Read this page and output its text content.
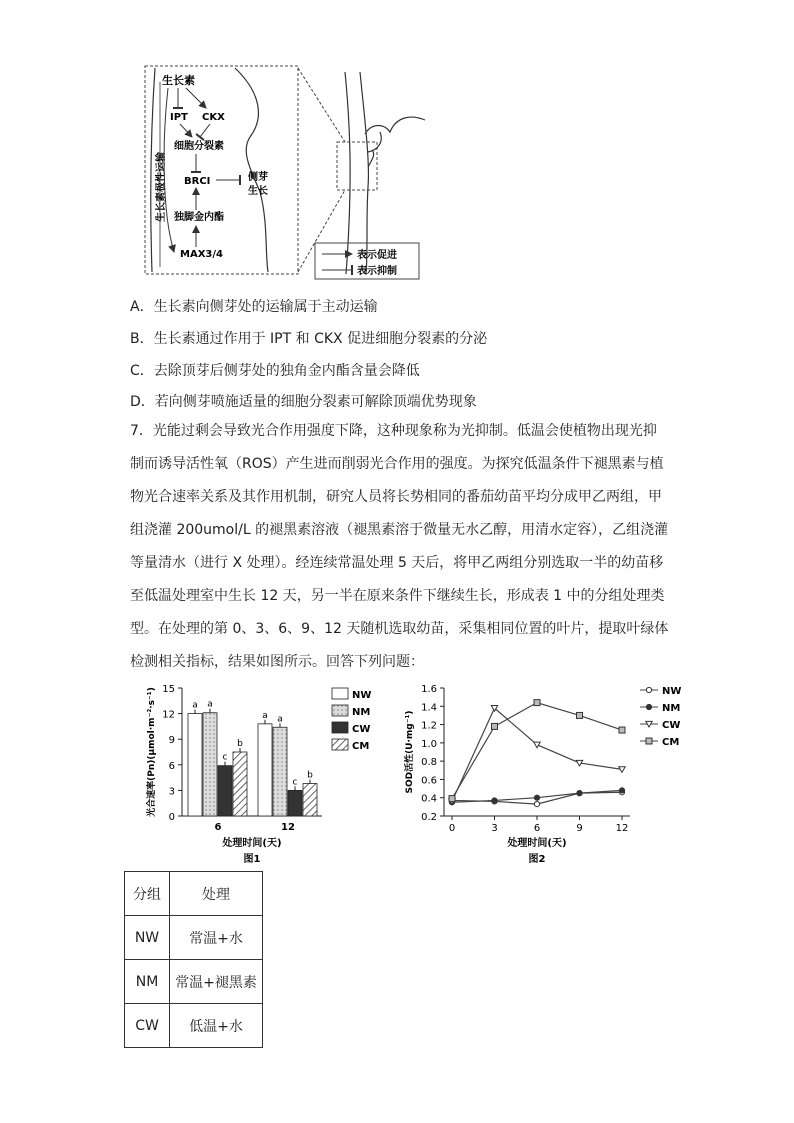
生长素
IPT CKX
细胞分裂素
BRCI	侧芽生长
独脚金内酯
MAX3/4
生长素极性运输
表示促进
表示抑制
A．生长素向侧芽处的运输属于主动运输
B．生长素通过作用于 IPT 和 CKX 促进细胞分裂素的分泌
C．去除顶芽后侧芽处的独角金内酯含量会降低
D．若向侧芽喷施适量的细胞分裂素可解除顶端优势现象
7．光能过剩会导致光合作用强度下降，这种现象称为光抑制。低温会使植物出现光抑
制而诱导活性氧（ROS）产生进而削弱光合作用的强度。为探究低温条件下褪黑素与植
物光合速率关系及其作用机制，研究人员将长势相同的番茄幼苗平均分成甲乙两组，甲
组浇灌 200umol/L 的褪黑素溶液（褪黑素溶于微量无水乙醇，用清水定容），乙组浇灌
等量清水（进行 X 处理）。经连续常温处理 5 天后，将甲乙两组分别选取一半的幼苗移
至低温处理室中生长 12 天，另一半在原来条件下继续生长，形成表 1 中的分组处理类
型。在处理的第 0、3、6、9、12 天随机选取幼苗，采集相同位置的叶片，提取叶绿体
检测相关指标，结果如图所示。回答下列问题：
0
3
6
9
12
15
a a
c
b
6
a a
c
b
12
处理时间(天)
图1
光合速率(Pn)(μmol·m⁻²·s⁻¹)	NW
NM
CW
CM
0.2
0.4
0.6
0.8
1.0
1.2
1.4
1.6
0	3	6	9	12
NW
NM
CW
CM
处理时间(天)
图2
SOD活性(U·mg⁻¹)
分组	处理
NW	常温+水
NM	常温+褪黑素
CW	低温+水
